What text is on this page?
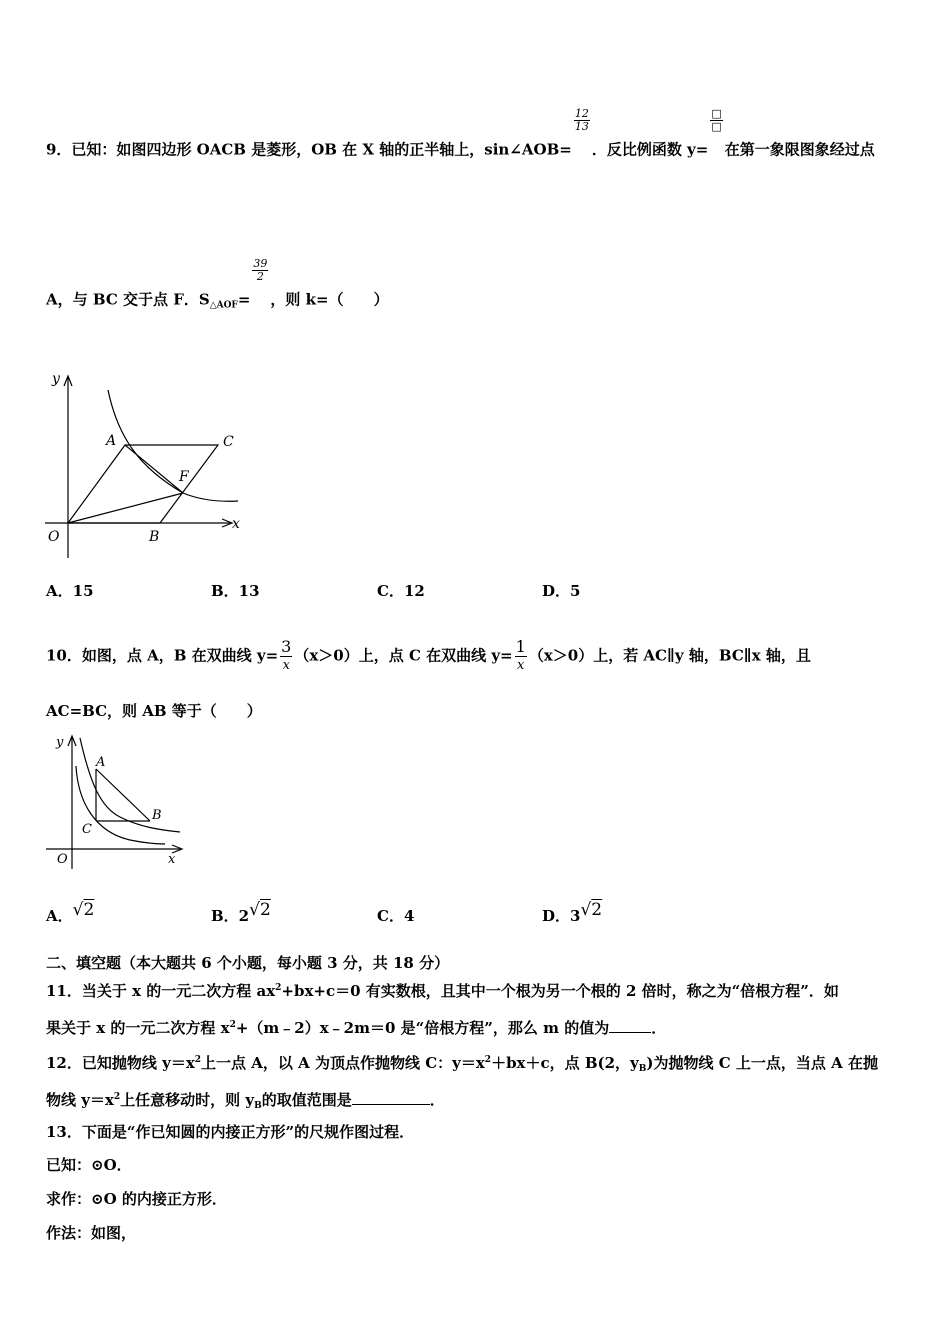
9．已知：如图四边形 OACB 是菱形，OB 在 X 轴的正半轴上，sin∠AOB=
$\frac{12}{13}$
．反比例函数 y=
$\frac{□}{□}$
在第一象限图象经过点
A，与 BC 交于点 F．$S_{\triangle AOF}=$
$\frac{39}{2}$
，则 k=（　　）
y
x
O
A	C
F
B
A．15	B．13	C．12	D．5
10．如图，点 A，B 在双曲线 $y= \frac{3}{x} (x>0)$上，点 C 在双曲线 $y= \frac{1}{x} (x>0)$上，若 AC∥y 轴，BC∥x 轴，且
AC=BC，则 AB 等于（　　）
y
x
O
A
C
B
A．√2	B．2√2	C．4	D．3√2
二、填空题（本大题共 6 个小题，每小题 3 分，共 18 分）
11．当关于 x 的一元二次方程 $ax^2+bx+c=0$ 有实数根，且其中一个根为另一个根的 2 倍时，称之为“倍根方程”．如
果关于 x 的一元二次方程 $x^2+(m﹣2)x﹣2m=0$ 是“倍根方程”，那么 m 的值为	．
12．已知抛物线 $y=x^2$上一点 A，以 A 为顶点作抛物线 C：$y=x^2+bx+c$，点 B(2，$y_B$)为抛物线 C 上一点，当点 A 在抛
物线 $y=x^2$上任意移动时，则 $y_B$的取值范围是	．
13．下面是“作已知圆的内接正方形”的尺规作图过程．
已知：⊙O．
求作：⊙O 的内接正方形．
作法：如图，
